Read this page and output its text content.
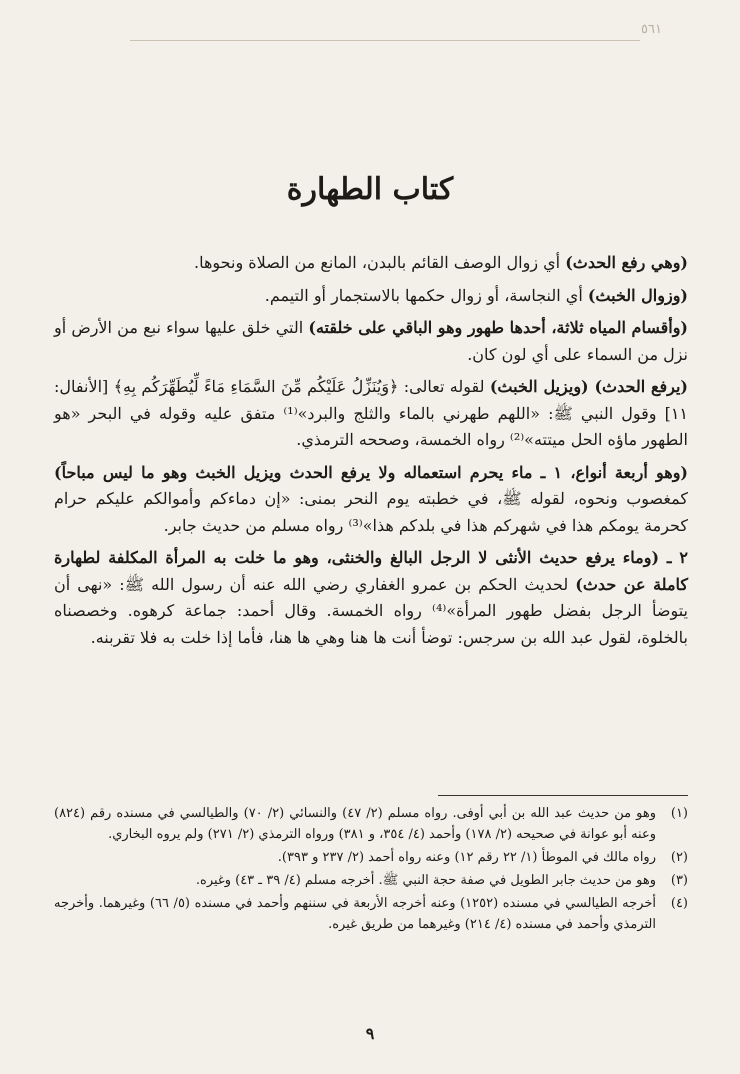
٥٦١
كتاب الطهارة

(وهي رفع الحدث) أي زوال الوصف القائم بالبدن، المانع من الصلاة ونحوها.

(وزوال الخبث) أي النجاسة، أو زوال حكمها بالاستجمار أو التيمم.

(وأقسام المياه ثلاثة، أحدها طهور وهو الباقي على خلقته) التي خلق عليها سواء نبع من الأرض أو نزل من السماء على أي لون كان.

(يرفع الحدث) (ويزيل الخبث) لقوله تعالى: ﴿وَيُنَزِّلُ عَلَيْكُم مِّنَ السَّمَاءِ مَاءً لِّيُطَهِّرَكُم بِهِ﴾ [الأنفال: ١١] وقول النبي ﷺ: «اللهم طهرني بالماء والثلج والبرد»⁽¹⁾ متفق عليه وقوله في البحر «هو الطهور ماؤه الحل ميتته»⁽²⁾ رواه الخمسة، وصححه الترمذي.

(وهو أربعة أنواع، ١ ـ ماء يحرم استعماله ولا يرفع الحدث ويزيل الخبث وهو ما ليس مباحاً) كمغصوب ونحوه، لقوله ﷺ، في خطبته يوم النحر بمنى: «إن دماءكم وأموالكم عليكم حرام كحرمة يومكم هذا في شهركم هذا في بلدكم هذا»⁽³⁾ رواه مسلم من حديث جابر.

٢ ـ (وماء يرفع حديث الأنثى لا الرجل البالغ والخنثى، وهو ما خلت به المرأة المكلفة لطهارة كاملة عن حدث) لحديث الحكم بن عمرو الغفاري رضي الله عنه أن رسول الله ﷺ: «نهى أن يتوضأ الرجل بفضل طهور المرأة»⁽⁴⁾ رواه الخمسة. وقال أحمد: جماعة كرهوه. وخصصناه بالخلوة، لقول عبد الله بن سرجس: توضأ أنت ها هنا وهي ها هنا، فأما إذا خلت به فلا تقربنه.

(١)
وهو من حديث عبد الله بن أبي أوفى. رواه مسلم (٢/ ٤٧) والنسائي (٢/ ٧٠) والطيالسي في مسنده رقم (٨٢٤) وعنه أبو عوانة في صحيحه (٢/ ١٧٨) وأحمد (٤/ ٣٥٤، و ٣٨١) ورواه الترمذي (٢/ ٢٧١) ولم يروه البخاري.
(٢)
رواه مالك في الموطأ (١/ ٢٢ رقم ١٢) وعنه رواه أحمد (٢/ ٢٣٧ و ٣٩٣).
(٣)
وهو من حديث جابر الطويل في صفة حجة النبي ﷺ. أخرجه مسلم (٤/ ٣٩ ـ ٤٣) وغيره.
(٤)
أخرجه الطيالسي في مسنده (١٢٥٢) وعنه أخرجه الأربعة في سننهم وأحمد في مسنده (٥/ ٦٦) وغيرهما. وأخرجه الترمذي وأحمد في مسنده (٤/ ٢١٤) وغيرهما من طريق غيره.
٩
